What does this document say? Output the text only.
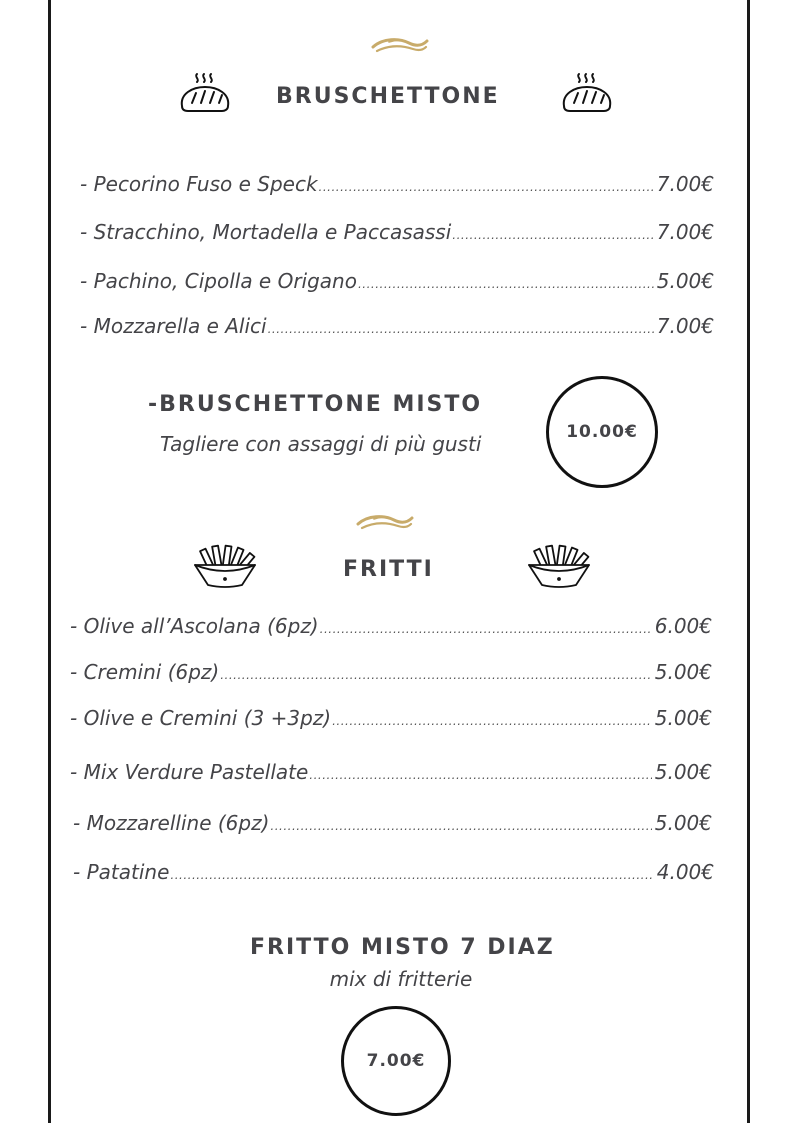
BRUSCHETTONE
- Pecorino Fuso e Speck .....	7.00€
- Stracchino, Mortadella e Paccasassi .....	7.00€
- Pachino, Cipolla e Origano .....	5.00€
- Mozzarella e Alici .....	7.00€
-BRUSCHETTONE MISTO
Tagliere con assaggi di più gusti	10.00€
FRITTI
- Olive all’Ascolana (6pz) .....	6.00€
- Cremini (6pz) .....	5.00€
- Olive e Cremini (3 +3pz) .....	5.00€
- Mix Verdure Pastellate .....	5.00€
- Mozzarelline (6pz) .....	5.00€
- Patatine .....	4.00€
FRITTO MISTO 7 DIAZ
mix di fritterie
7.00€
